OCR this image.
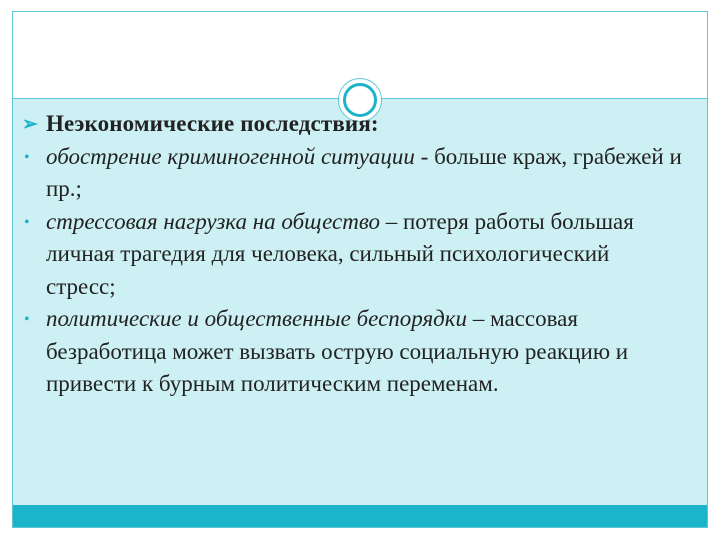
➢ Неэкономические последствия:
• обострение криминогенной ситуации - больше краж, грабежей и пр.;
• стрессовая нагрузка на общество – потеря работы большая личная трагедия для человека, сильный психологический стресс;
• политические и общественные беспорядки – массовая безработица может вызвать острую социальную реакцию и привести к бурным политическим переменам.
